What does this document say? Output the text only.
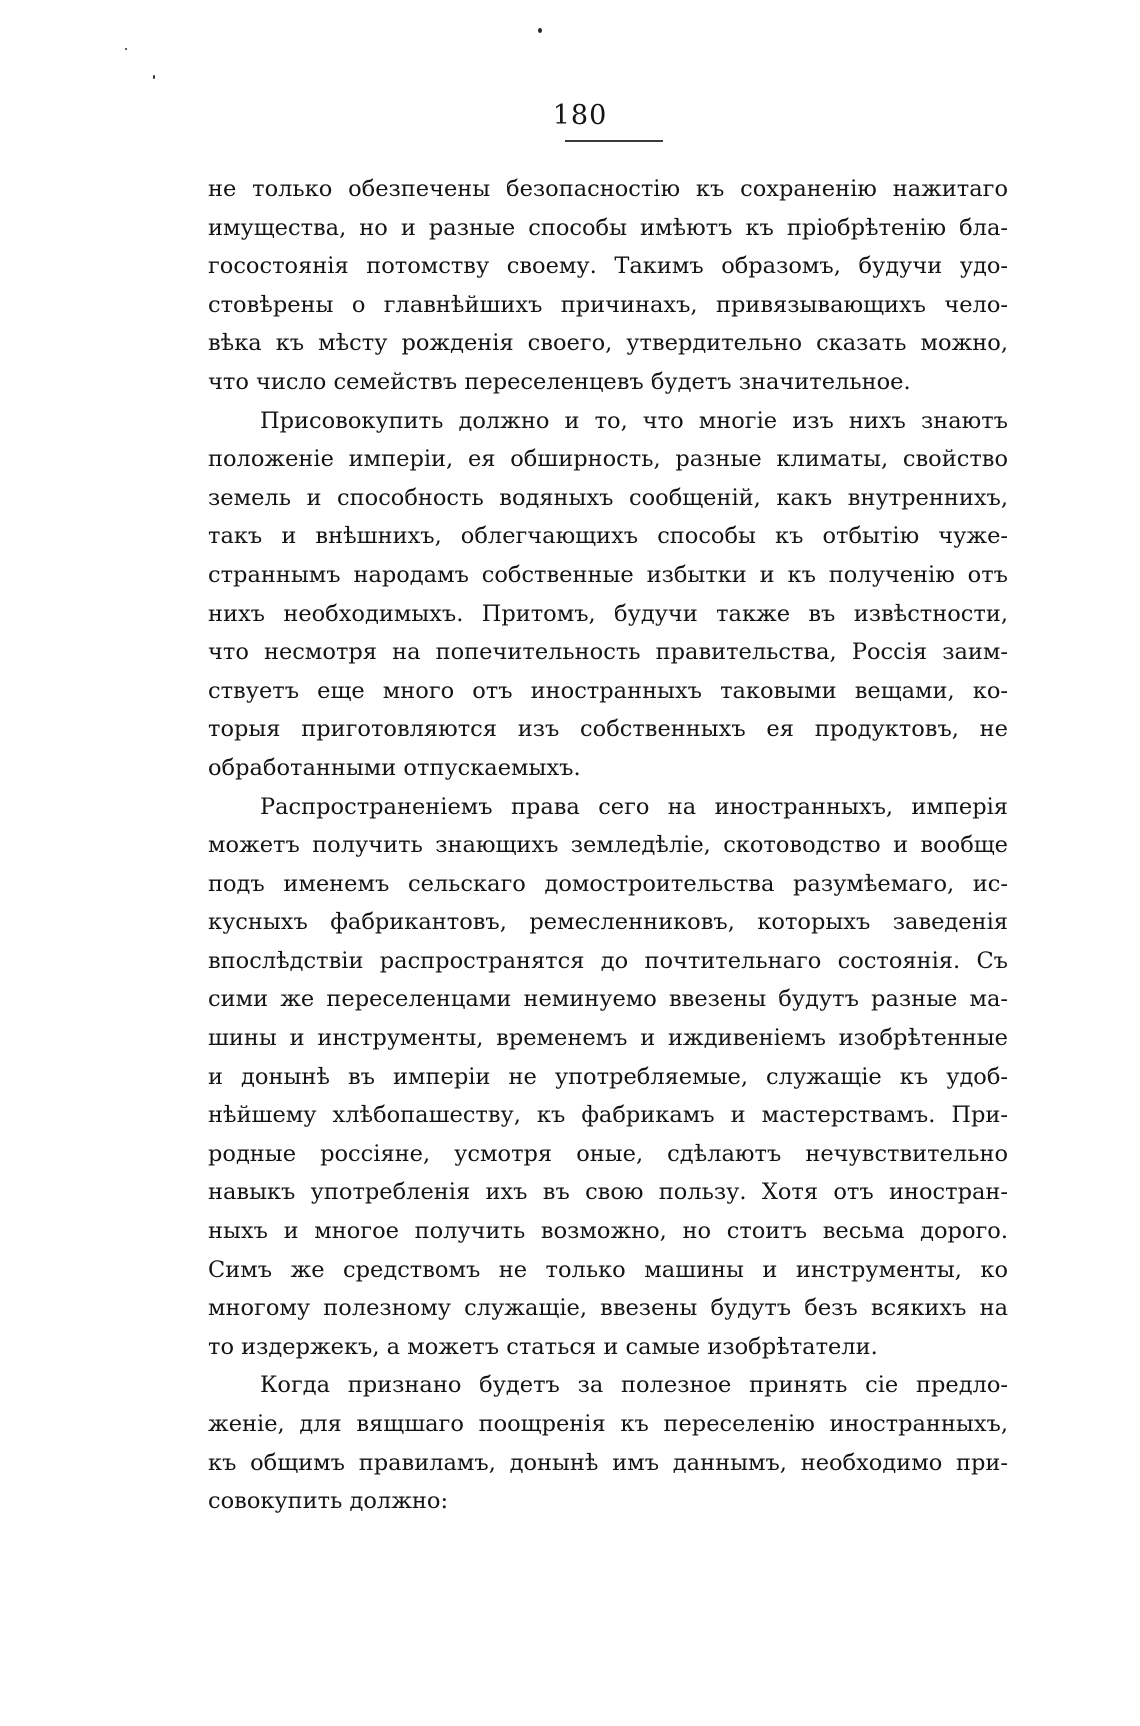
180
не только обезпечены безопасностію къ сохраненію нажитаго
имущества, но и разные способы имѣютъ къ пріобрѣтенію бла-
госостоянія потомству своему. Такимъ образомъ, будучи удо-
стовѣрены о главнѣйшихъ причинахъ, привязывающихъ чело-
вѣка къ мѣсту рожденія своего, утвердительно сказать можно,
что число семействъ переселенцевъ будетъ значительное.
Присовокупить должно и то, что многіе изъ нихъ знаютъ
положеніе имперіи, ея обширность, разные климаты, свойство
земель и способность водяныхъ сообщеній, какъ внутреннихъ,
такъ и внѣшнихъ, облегчающихъ способы къ отбытію чуже-
страннымъ народамъ собственные избытки и къ полученію отъ
нихъ необходимыхъ. Притомъ, будучи также въ извѣстности,
что несмотря на попечительность правительства, Россія заим-
ствуетъ еще много отъ иностранныхъ таковыми вещами, ко-
торыя приготовляются изъ собственныхъ ея продуктовъ, не
обработанными отпускаемыхъ.
Распространеніемъ права сего на иностранныхъ, имперія
можетъ получить знающихъ земледѣліе, скотоводство и вообще
подъ именемъ сельскаго домостроительства разумѣемаго, ис-
кусныхъ фабрикантовъ, ремесленниковъ, которыхъ заведенія
впослѣдствіи распространятся до почтительнаго состоянія. Съ
сими же переселенцами неминуемо ввезены будутъ разные ма-
шины и инструменты, временемъ и иждивеніемъ изобрѣтенные
и донынѣ въ имперіи не употребляемые, служащіе къ удоб-
нѣйшему хлѣбопашеству, къ фабрикамъ и мастерствамъ. При-
родные россіяне, усмотря оные, сдѣлаютъ нечувствительно
навыкъ употребленія ихъ въ свою пользу. Хотя отъ иностран-
ныхъ и многое получить возможно, но стоитъ весьма дорого.
Симъ же средствомъ не только машины и инструменты, ко
многому полезному служащіе, ввезены будутъ безъ всякихъ на
то издержекъ, а можетъ статься и самые изобрѣтатели.
Когда признано будетъ за полезное принять сіе предло-
женіе, для вящшаго поощренія къ переселенію иностранныхъ,
къ общимъ правиламъ, донынѣ имъ даннымъ, необходимо при-
совокупить должно:
